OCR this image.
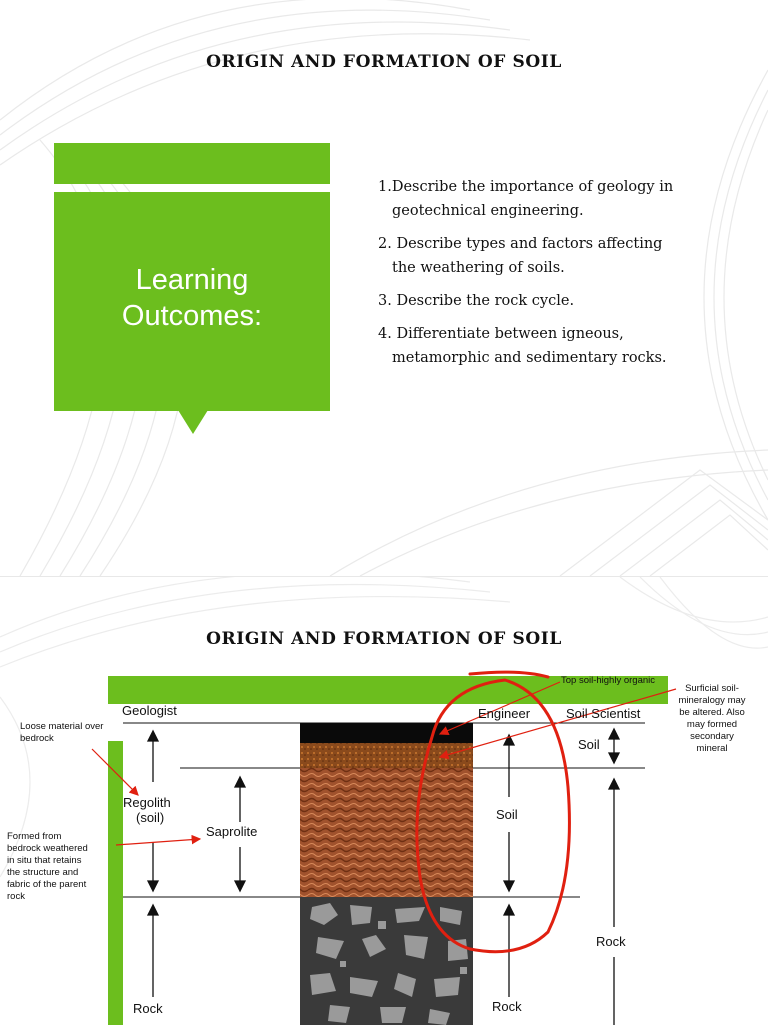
ORIGIN AND FORMATION OF SOIL
Learning
Outcomes:
1.Describe the importance of geology in
geotechnical engineering.
2. Describe types and factors affecting
the weathering of soils.
3. Describe the rock cycle.
4. Differentiate between igneous,
metamorphic and sedimentary rocks.
ORIGIN AND FORMATION OF SOIL
Geologist	Engineer	Soil Scientist
Regolith
(soil)
Saprolite
Rock
Soil
Rock
Soil
Rock
Loose material over
bedrock
Formed from
bedrock weathered
in situ that retains
the structure and
fabric of the parent
rock
Top soil-highly organic
Surficial soil-
mineralogy may
be altered. Also
may formed
secondary
mineral
